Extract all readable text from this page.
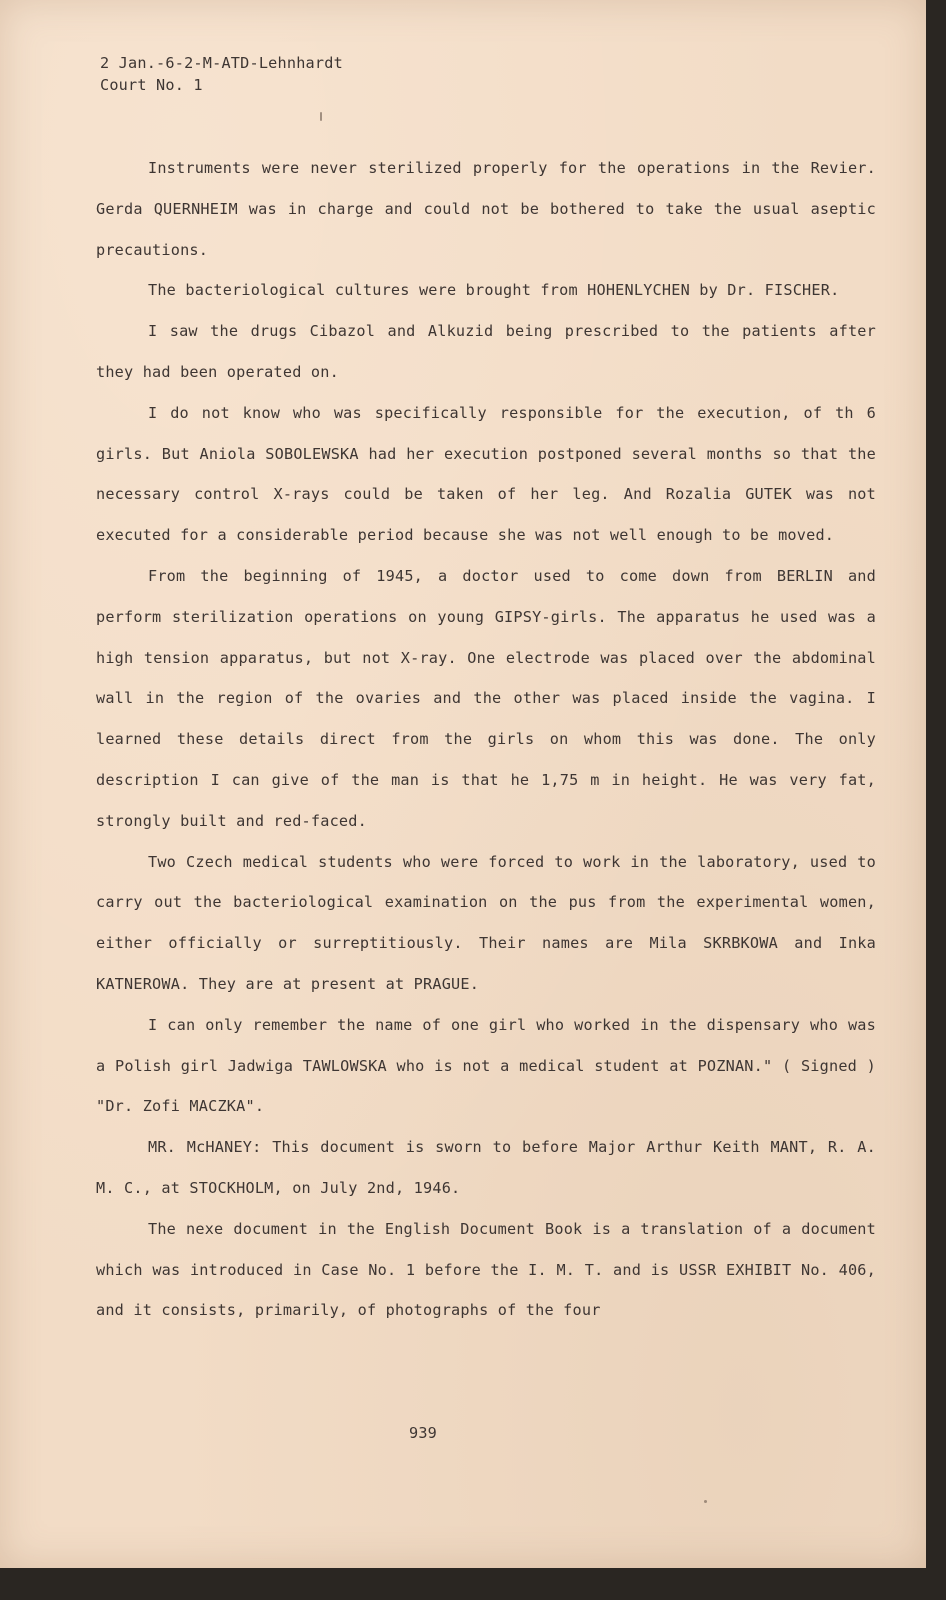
2 Jan.-6-2-M-ATD-Lehnhardt
Court No. 1

Instruments were never sterilized properly for the operations in the Revier. Gerda QUERNHEIM was in charge and could not be bothered to take the usual aseptic precautions.

The bacteriological cultures were brought from HOHENLYCHEN by Dr. FISCHER.

I saw the drugs Cibazol and Alkuzid being prescribed to the patients after they had been operated on.

I do not know who was specifically responsible for the execution, of th 6 girls. But Aniola SOBOLEWSKA had her execution postponed several months so that the necessary control X-rays could be taken of her leg. And Rozalia GUTEK was not executed for a considerable period because she was not well enough to be moved.

From the beginning of 1945, a doctor used to come down from BERLIN and perform sterilization operations on young GIPSY-girls. The apparatus he used was a high tension apparatus, but not X-ray. One electrode was placed over the abdominal wall in the region of the ovaries and the other was placed inside the vagina. I learned these details direct from the girls on whom this was done. The only description I can give of the man is that he 1,75 m in height. He was very fat, strongly built and red-faced.

Two Czech medical students who were forced to work in the laboratory, used to carry out the bacteriological examination on the pus from the experimental women, either officially or surreptitiously. Their names are Mila SKRBKOWA and Inka KATNEROWA. They are at present at PRAGUE.

I can only remember the name of one girl who worked in the dispensary who was a Polish girl Jadwiga TAWLOWSKA who is not a medical student at POZNAN." ( Signed ) "Dr. Zofi MACZKA".

MR. McHANEY: This document is sworn to before Major Arthur Keith MANT, R. A. M. C., at STOCKHOLM, on July 2nd, 1946.

The nexe document in the English Document Book is a translation of a document which was introduced in Case No. 1 before the I. M. T. and is USSR EXHIBIT No. 406, and it consists, primarily, of photographs of the four

939
